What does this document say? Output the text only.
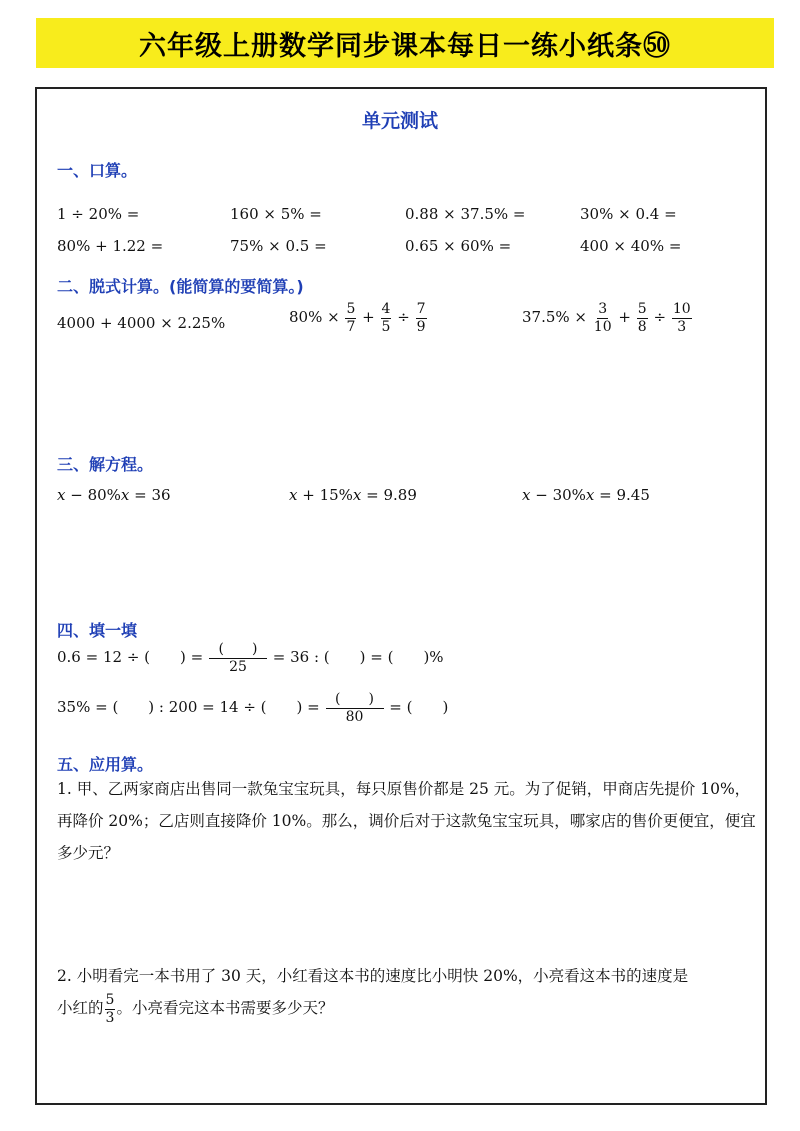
六年级上册数学同步课本每日一练小纸条㊿
单元测试
一、口算。
1 ÷ 20% =	160 × 5% =	0.88 × 37.5% =	30% × 0.4 =
80% + 1.22 =	75% × 0.5 =	0.65 × 60% =	400 × 40% =
二、脱式计算。(能简算的要简算。)
4000 + 4000 × 2.25%	$80\% \times \frac{5}{7} + \frac{4}{5} \div \frac{7}{9}$	$37.5\% \times \frac{3}{10} + \frac{5}{8} \div \frac{10}{3}$
三、解方程。
x − 80%x = 36	x + 15%x = 9.89	x − 30%x = 9.45
四、填一填
0.6 = 12 ÷ (　　) = $\frac{( )}{25} = 36$ : (　　) = (　　)%
35% = (　　) : 200 = 14 ÷ (　　) = $\frac{( )}{80}$ = (　　)
五、应用算。
1. 甲、乙两家商店出售同一款兔宝宝玩具，每只原售价都是 25 元。为了促销，甲商店先提价 10%，再降价 20%；乙店则直接降价 10%。那么，调价后对于这款兔宝宝玩具，哪家店的售价更便宜，便宜多少元？
2. 小明看完一本书用了 30 天，小红看这本书的速度比小明快 20%，小亮看这本书的速度是
小红的 $\frac{5}{3}$ 。小亮看完这本书需要多少天？
